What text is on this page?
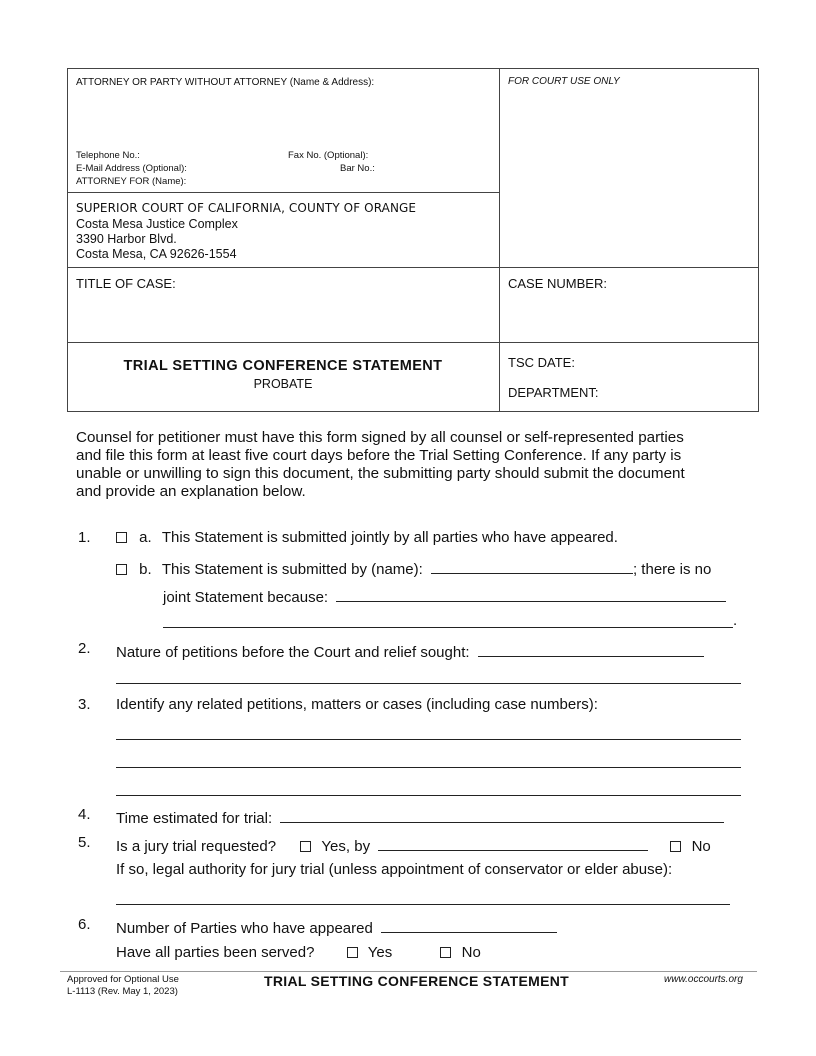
ATTORNEY OR PARTY WITHOUT ATTORNEY (Name & Address):	FOR COURT USE ONLY
Telephone No.:	Fax No. (Optional):
E-Mail Address (Optional):	Bar No.:
ATTORNEY FOR (Name):
SUPERIOR COURT OF CALIFORNIA, COUNTY OF ORANGE
Costa Mesa Justice Complex
3390 Harbor Blvd.
Costa Mesa, CA 92626-1554
TITLE OF CASE:	CASE NUMBER:
TRIAL SETTING CONFERENCE STATEMENT
PROBATE
TSC DATE:
DEPARTMENT:
Counsel for petitioner must have this form signed by all counsel or self-represented parties
and file this form at least five court days before the Trial Setting Conference. If any party is
unable or unwilling to sign this document, the submitting party should submit the document
and provide an explanation below.
1.	a. This Statement is submitted jointly by all parties who have appeared.
b. This Statement is submitted by (name):	; there is no
joint Statement because:
.
2. Nature of petitions before the Court and relief sought:
3. Identify any related petitions, matters or cases (including case numbers):
4. Time estimated for trial:
5. Is a jury trial requested?	Yes, by	No
If so, legal authority for jury trial (unless appointment of conservator or elder abuse):
6. Number of Parties who have appeared
Have all parties been served?	Yes	No
Approved for Optional Use
L-1113 (Rev. May 1, 2023)
TRIAL SETTING CONFERENCE STATEMENT	www.occourts.org
